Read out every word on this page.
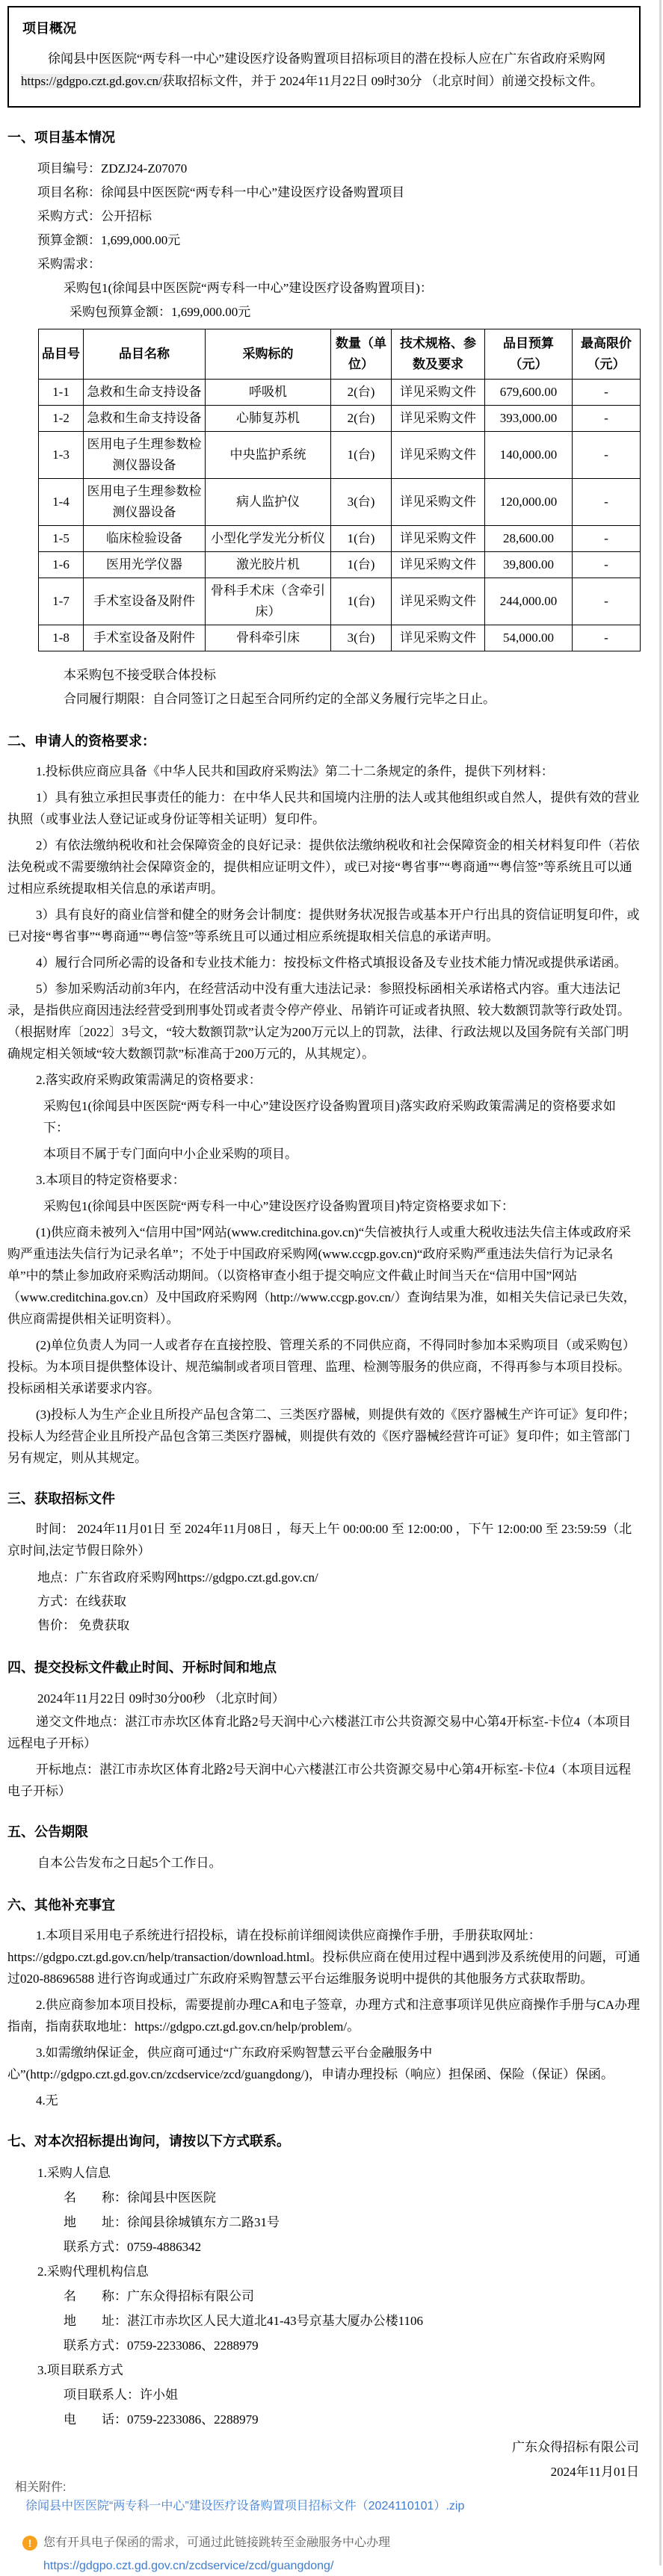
项目概况

徐闻县中医医院“两专科一中心”建设医疗设备购置项目招标项目的潜在投标人应在广东省政府采购网https://gdgpo.czt.gd.gov.cn/获取招标文件，并于 2024年11月22日 09时30分 （北京时间）前递交投标文件。

一、项目基本情况
项目编号：ZDZJ24-Z07070
项目名称：徐闻县中医医院“两专科一中心”建设医疗设备购置项目
采购方式：公开招标
预算金额：1,699,000.00元
采购需求：
采购包1(徐闻县中医医院“两专科一中心”建设医疗设备购置项目)：
采购包预算金额：1,699,000.00元
品目号	品目名称	采购标的	数量（单位）	技术规格、参数及要求	品目预算（元）	最高限价（元）
1-1	急救和生命支持设备	呼吸机	2(台)	详见采购文件	679,600.00	-
1-2	急救和生命支持设备	心肺复苏机	2(台)	详见采购文件	393,000.00	-
1-3	医用电子生理参数检测仪器设备	中央监护系统	1(台)	详见采购文件	140,000.00	-
1-4	医用电子生理参数检测仪器设备	病人监护仪	3(台)	详见采购文件	120,000.00	-
1-5	临床检验设备	小型化学发光分析仪	1(台)	详见采购文件	28,600.00	-
1-6	医用光学仪器	激光胶片机	1(台)	详见采购文件	39,800.00	-
1-7	手术室设备及附件	骨科手术床（含牵引床）	1(台)	详见采购文件	244,000.00	-
1-8	手术室设备及附件	骨科牵引床	3(台)	详见采购文件	54,000.00	-
本采购包不接受联合体投标
合同履行期限：自合同签订之日起至合同所约定的全部义务履行完毕之日止。
二、申请人的资格要求：

1.投标供应商应具备《中华人民共和国政府采购法》第二十二条规定的条件，提供下列材料：

1）具有独立承担民事责任的能力：在中华人民共和国境内注册的法人或其他组织或自然人，提供有效的营业执照（或事业法人登记证或身份证等相关证明）复印件。

2）有依法缴纳税收和社会保障资金的良好记录：提供依法缴纳税收和社会保障资金的相关材料复印件（若依法免税或不需要缴纳社会保障资金的，提供相应证明文件），或已对接“粤省事”“粤商通”“粤信签”等系统且可以通过相应系统提取相关信息的承诺声明。

3）具有良好的商业信誉和健全的财务会计制度：提供财务状况报告或基本开户行出具的资信证明复印件，或已对接“粤省事”“粤商通”“粤信签”等系统且可以通过相应系统提取相关信息的承诺声明。

4）履行合同所必需的设备和专业技术能力：按投标文件格式填报设备及专业技术能力情况或提供承诺函。

5）参加采购活动前3年内，在经营活动中没有重大违法记录：参照投标函相关承诺格式内容。重大违法记录，是指供应商因违法经营受到刑事处罚或者责令停产停业、吊销许可证或者执照、较大数额罚款等行政处罚。（根据财库〔2022〕3号文，“较大数额罚款”认定为200万元以上的罚款，法律、行政法规以及国务院有关部门明确规定相关领域“较大数额罚款”标准高于200万元的，从其规定）。

2.落实政府采购政策需满足的资格要求：

采购包1(徐闻县中医医院“两专科一中心”建设医疗设备购置项目)落实政府采购政策需满足的资格要求如下：

本项目不属于专门面向中小企业采购的项目。

3.本项目的特定资格要求：

采购包1(徐闻县中医医院“两专科一中心”建设医疗设备购置项目)特定资格要求如下：

(1)供应商未被列入“信用中国”网站(www.creditchina.gov.cn)“失信被执行人或重大税收违法失信主体或政府采购严重违法失信行为记录名单”；不处于中国政府采购网(www.ccgp.gov.cn)“政府采购严重违法失信行为记录名单”中的禁止参加政府采购活动期间。（以资格审查小组于提交响应文件截止时间当天在“信用中国”网站（www.creditchina.gov.cn）及中国政府采购网（http://www.ccgp.gov.cn/）查询结果为准，如相关失信记录已失效，供应商需提供相关证明资料）。

(2)单位负责人为同一人或者存在直接控股、管理关系的不同供应商，不得同时参加本采购项目（或采购包）投标。为本项目提供整体设计、规范编制或者项目管理、监理、检测等服务的供应商，不得再参与本项目投标。投标函相关承诺要求内容。

(3)投标人为生产企业且所投产品包含第二、三类医疗器械，则提供有效的《医疗器械生产许可证》复印件；投标人为经营企业且所投产品包含第三类医疗器械，则提供有效的《医疗器械经营许可证》复印件；如主管部门另有规定，则从其规定。

三、获取招标文件

时间： 2024年11月01日 至 2024年11月08日 ，每天上午 00:00:00 至 12:00:00 ，下午 12:00:00 至 23:59:59（北京时间,法定节假日除外）

地点：广东省政府采购网https://gdgpo.czt.gd.gov.cn/
方式：在线获取
售价： 免费获取
四、提交投标文件截止时间、开标时间和地点
2024年11月22日 09时30分00秒 （北京时间）

递交文件地点：湛江市赤坎区体育北路2号天润中心六楼湛江市公共资源交易中心第4开标室-卡位4（本项目远程电子开标）

开标地点：湛江市赤坎区体育北路2号天润中心六楼湛江市公共资源交易中心第4开标室-卡位4（本项目远程电子开标）

五、公告期限
自本公告发布之日起5个工作日。
六、其他补充事宜

1.本项目采用电子系统进行招投标，请在投标前详细阅读供应商操作手册，手册获取网址：https://gdgpo.czt.gd.gov.cn/help/transaction/download.html。投标供应商在使用过程中遇到涉及系统使用的问题，可通过020-88696588 进行咨询或通过广东政府采购智慧云平台运维服务说明中提供的其他服务方式获取帮助。

2.供应商参加本项目投标，需要提前办理CA和电子签章，办理方式和注意事项详见供应商操作手册与CA办理指南，指南获取地址：https://gdgpo.czt.gd.gov.cn/help/problem/。

3.如需缴纳保证金，供应商可通过“广东政府采购智慧云平台金融服务中心”(http://gdgpo.czt.gd.gov.cn/zcdservice/zcd/guangdong/)，申请办理投标（响应）担保函、保险（保证）保函。

4.无

七、对本次招标提出询问，请按以下方式联系。
1.采购人信息
名　　称：徐闻县中医医院
地　　址：徐闻县徐城镇东方二路31号
联系方式：0759-4886342
2.采购代理机构信息
名　　称：广东众得招标有限公司
地　　址：湛江市赤坎区人民大道北41-43号京基大厦办公楼1106
联系方式：0759-2233086、2288979
3.项目联系方式
项目联系人：许小姐
电　　话：0759-2233086、2288979
广东众得招标有限公司
2024年11月01日
相关附件:
徐闻县中医医院“两专科一中心”建设医疗设备购置项目招标文件（2024110101）.zip
! 您有开具电子保函的需求，可通过此链接跳转至金融服务中心办理
https://gdgpo.czt.gd.gov.cn/zcdservice/zcd/guangdong/
